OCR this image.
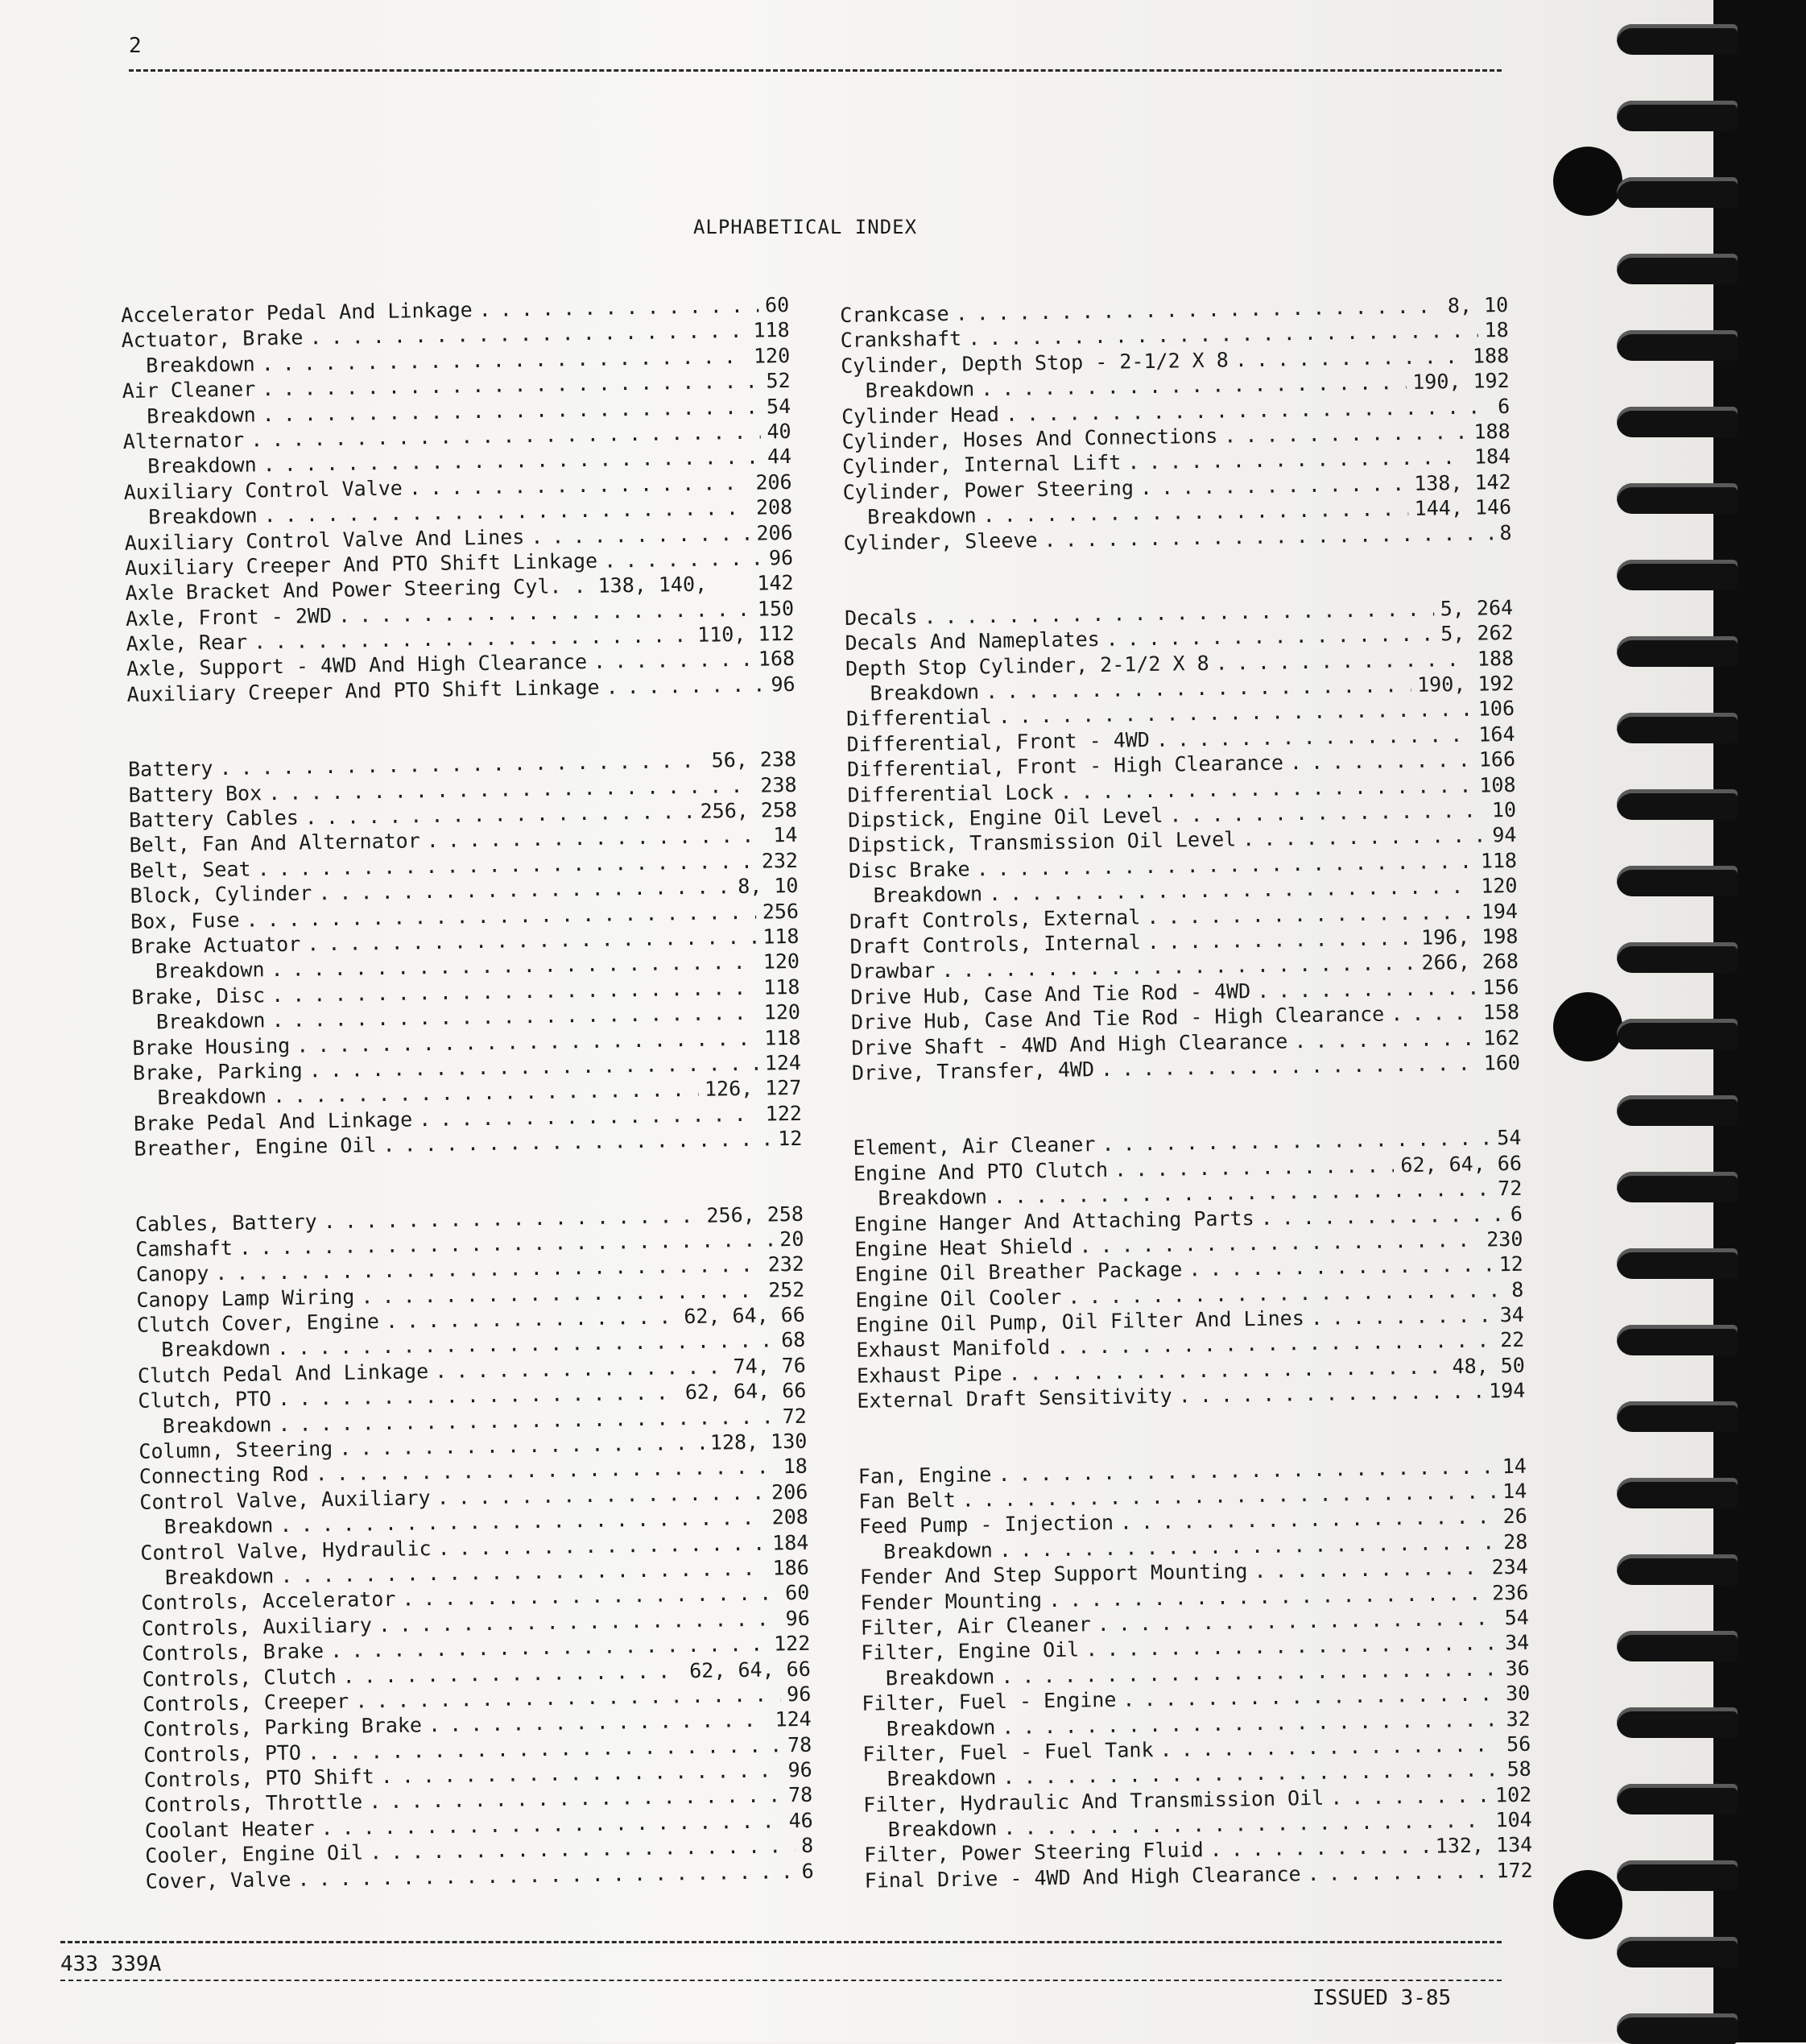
2
ALPHABETICAL INDEX
Accelerator Pedal And Linkage . . .	60
Actuator, Brake . . .	118
Breakdown . . .	120
Air Cleaner . . .	52
Breakdown . . .	54
Alternator . . .	40
Breakdown . . .	44
Auxiliary Control Valve . . .	206
Breakdown . . .	208
Auxiliary Control Valve And Lines . . .	206
Auxiliary Creeper And PTO Shift Linkage . . .	96
Axle Bracket And Power Steering Cyl. . 138, 140, 142
Axle, Front - 2WD . . .	150
Axle, Rear . . .	110, 112
Axle, Support - 4WD And High Clearance . . .	168
Auxiliary Creeper And PTO Shift Linkage . . .	96
Battery . . .	56, 238
Battery Box . . .	238
Battery Cables . . .	256, 258
Belt, Fan And Alternator . . .	14
Belt, Seat . . .	232
Block, Cylinder . . .	8, 10
Box, Fuse . . .	256
Brake Actuator . . .	118
Breakdown . . .	120
Brake, Disc . . .	118
Breakdown . . .	120
Brake Housing . . .	118
Brake, Parking . . .	124
Breakdown . . .	126, 127
Brake Pedal And Linkage . . .	122
Breather, Engine Oil . . .	12
Cables, Battery . . .	256, 258
Camshaft . . .	20
Canopy . . .	232
Canopy Lamp Wiring . . .	252
Clutch Cover, Engine . . .	62, 64, 66
Breakdown . . .	68
Clutch Pedal And Linkage . . .	74, 76
Clutch, PTO . . .	62, 64, 66
Breakdown . . .	72
Column, Steering . . .	128, 130
Connecting Rod . . .	18
Control Valve, Auxiliary . . .	206
Breakdown . . .	208
Control Valve, Hydraulic . . .	184
Breakdown . . .	186
Controls, Accelerator . . .	60
Controls, Auxiliary . . .	96
Controls, Brake . . .	122
Controls, Clutch . . .	62, 64, 66
Controls, Creeper . . .	96
Controls, Parking Brake . . .	124
Controls, PTO . . .	78
Controls, PTO Shift . . .	96
Controls, Throttle . . .	78
Coolant Heater . . .	46
Cooler, Engine Oil . . .	8
Cover, Valve . . .	6
Crankcase . . .	8, 10
Crankshaft . . .	18
Cylinder, Depth Stop - 2-1/2 X 8 . . .	188
Breakdown . . .	190, 192
Cylinder Head . . .	6
Cylinder, Hoses And Connections . . .	188
Cylinder, Internal Lift . . .	184
Cylinder, Power Steering . . .	138, 142
Breakdown . . .	144, 146
Cylinder, Sleeve . . .	8
Decals . . .	5, 264
Decals And Nameplates . . .	5, 262
Depth Stop Cylinder, 2-1/2 X 8 . . .	188
Breakdown . . .	190, 192
Differential . . .	106
Differential, Front - 4WD . . .	164
Differential, Front - High Clearance . . .	166
Differential Lock . . .	108
Dipstick, Engine Oil Level . . .	10
Dipstick, Transmission Oil Level . . .	94
Disc Brake . . .	118
Breakdown . . .	120
Draft Controls, External . . .	194
Draft Controls, Internal . . .	196, 198
Drawbar . . .	266, 268
Drive Hub, Case And Tie Rod - 4WD . . .	156
Drive Hub, Case And Tie Rod - High Clearance . . .	158
Drive Shaft - 4WD And High Clearance . . .	162
Drive, Transfer, 4WD . . .	160
Element, Air Cleaner . . .	54
Engine And PTO Clutch . . .	62, 64, 66
Breakdown . . .	72
Engine Hanger And Attaching Parts . . .	6
Engine Heat Shield . . .	230
Engine Oil Breather Package . . .	12
Engine Oil Cooler . . .	8
Engine Oil Pump, Oil Filter And Lines . . .	34
Exhaust Manifold . . .	22
Exhaust Pipe . . .	48, 50
External Draft Sensitivity . . .	194
Fan, Engine . . .	14
Fan Belt . . .	14
Feed Pump - Injection . . .	26
Breakdown . . .	28
Fender And Step Support Mounting . . .	234
Fender Mounting . . .	236
Filter, Air Cleaner . . .	54
Filter, Engine Oil . . .	34
Breakdown . . .	36
Filter, Fuel - Engine . . .	30
Breakdown . . .	32
Filter, Fuel - Fuel Tank . . .	56
Breakdown . . .	58
Filter, Hydraulic And Transmission Oil . . .	102
Breakdown . . .	104
Filter, Power Steering Fluid . . .	132, 134
Final Drive - 4WD And High Clearance . . .	172
433 339A
ISSUED 3-85
